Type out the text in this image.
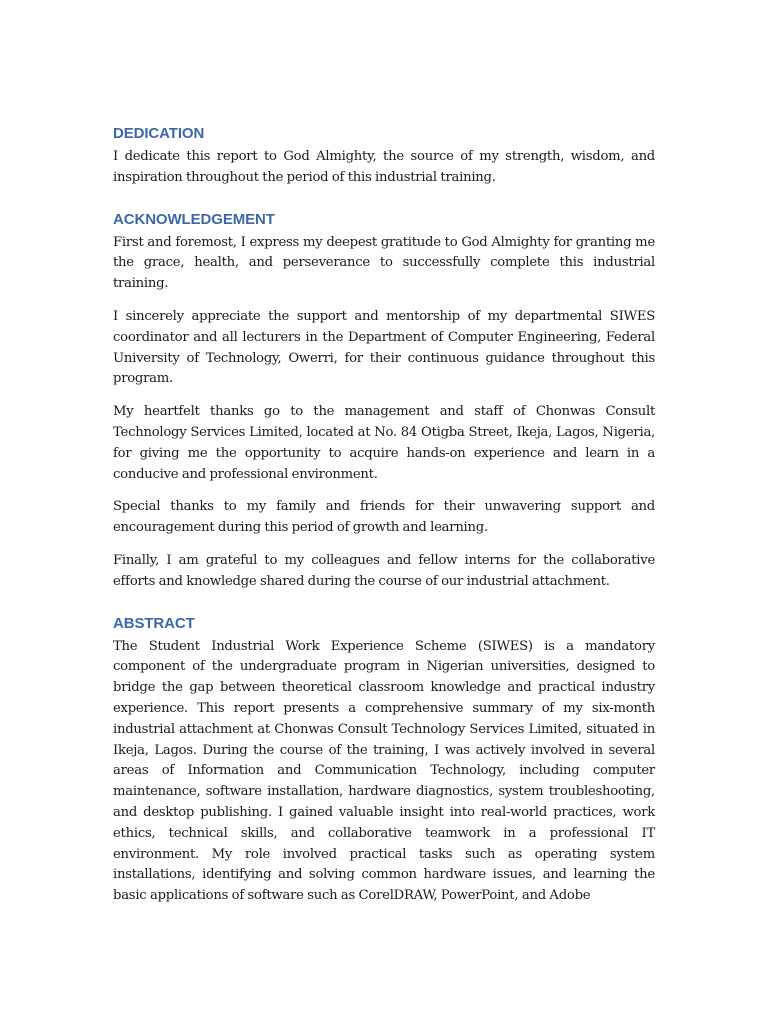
DEDICATION

I dedicate this report to God Almighty, the source of my strength, wisdom, and inspiration throughout the period of this industrial training.

ACKNOWLEDGEMENT

First and foremost, I express my deepest gratitude to God Almighty for granting me the grace, health, and perseverance to successfully complete this industrial training.

I sincerely appreciate the support and mentorship of my departmental SIWES coordinator and all lecturers in the Department of Computer Engineering, Federal University of Technology, Owerri, for their continuous guidance throughout this program.

My heartfelt thanks go to the management and staff of Chonwas Consult Technology Services Limited, located at No. 84 Otigba Street, Ikeja, Lagos, Nigeria, for giving me the opportunity to acquire hands-on experience and learn in a conducive and professional environment.

Special thanks to my family and friends for their unwavering support and encouragement during this period of growth and learning.

Finally, I am grateful to my colleagues and fellow interns for the collaborative efforts and knowledge shared during the course of our industrial attachment.

ABSTRACT

The Student Industrial Work Experience Scheme (SIWES) is a mandatory component of the undergraduate program in Nigerian universities, designed to bridge the gap between theoretical classroom knowledge and practical industry experience. This report presents a comprehensive summary of my six-month industrial attachment at Chonwas Consult Technology Services Limited, situated in Ikeja, Lagos. During the course of the training, I was actively involved in several areas of Information and Communication Technology, including computer maintenance, software installation, hardware diagnostics, system troubleshooting, and desktop publishing. I gained valuable insight into real-world practices, work ethics, technical skills, and collaborative teamwork in a professional IT environment. My role involved practical tasks such as operating system installations, identifying and solving common hardware issues, and learning the basic applications of software such as CorelDRAW, PowerPoint, and Adobe
